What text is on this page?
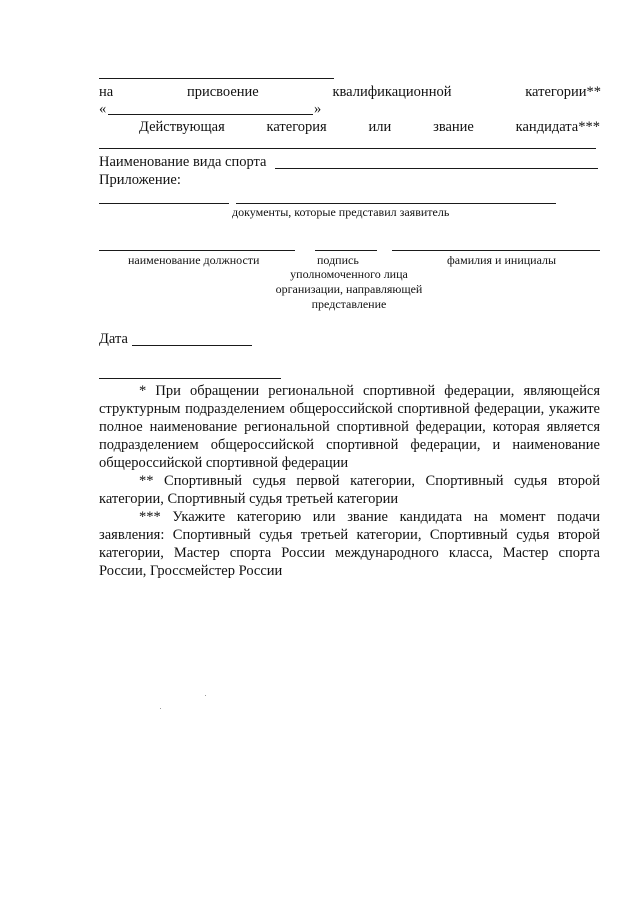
на	присвоение	квалификационной	категории**
«	»
Действующая	категория	или	звание	кандидата***
Наименование вида спорта
Приложение:
документы, которые представил заявитель
наименование должности	подпись	фамилия и инициалы
уполномоченного лица
организации, направляющей
представление
Дата

* При обращении региональной спортивной федерации, являющейся структурным подразделением общероссийской спортивной федерации, укажите полное наименование региональной спортивной федерации, которая является подразделением общероссийской спортивной федерации, и наименование общероссийской спортивной федерации

** Спортивный судья первой категории, Спортивный судья второй категории, Спортивный судья третьей категории

*** Укажите категорию или звание кандидата на момент подачи заявления: Спортивный судья третьей категории, Спортивный судья второй категории, Мастер спорта России международного класса, Мастер спорта России, Гроссмейстер России
